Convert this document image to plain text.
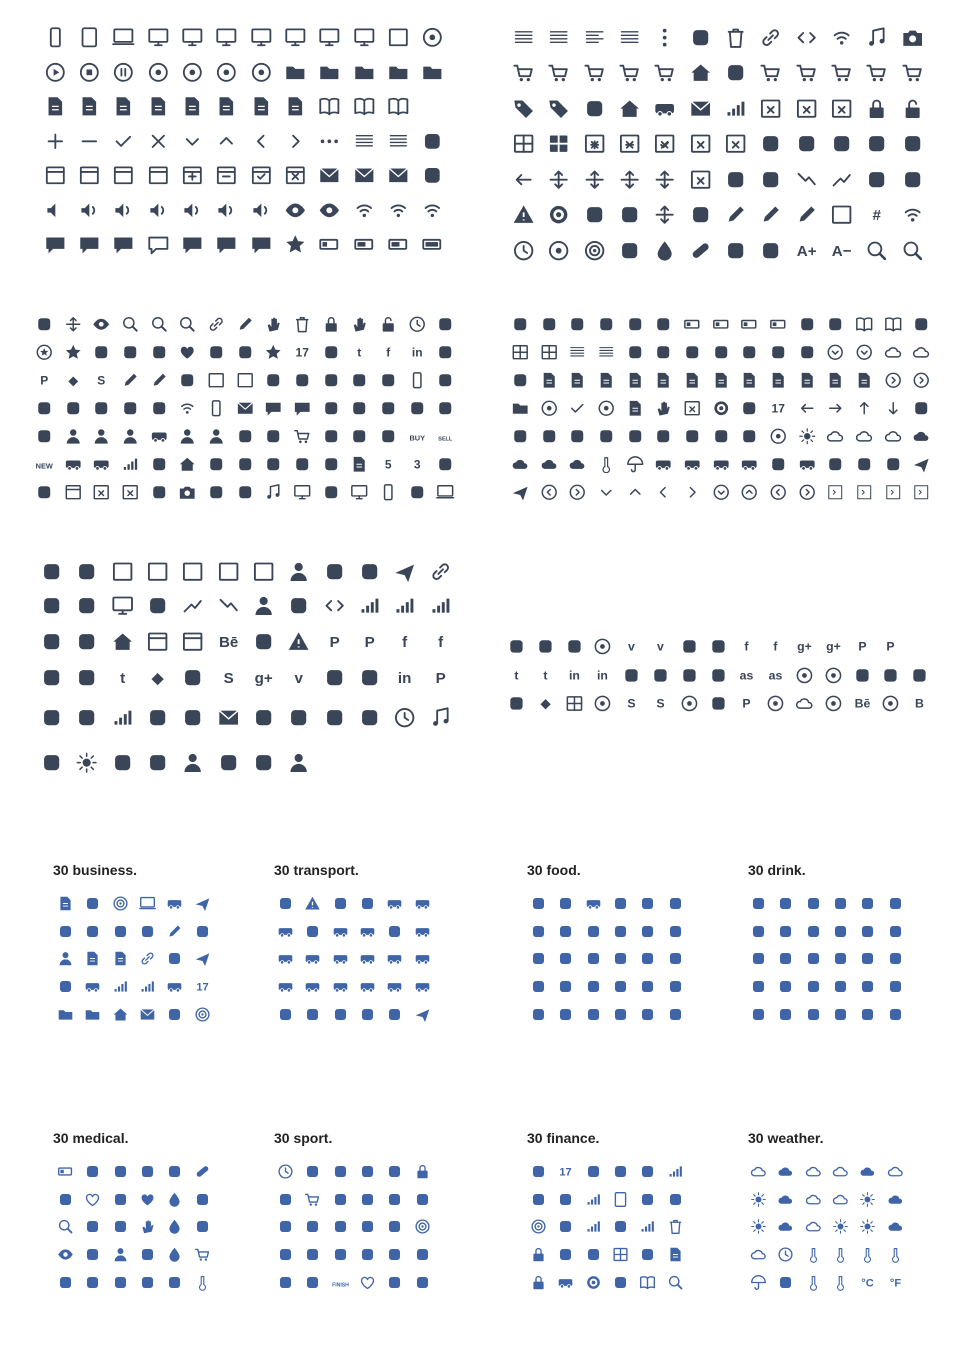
#
A+ A−
17	t f in
P ◆ S
BUY SELL
NEW	5 3
17
Bē	P P f f
t ◆	S g+ v	in P
v v	f f g+ g+ P P
t t in in	as as
◆	S S	P	Bē	B
30 business.
17
30 transport.	30 food.	30 drink.
30 medical.	30 sport.
FINISH
30 finance.
17
30 weather.
°C °F
